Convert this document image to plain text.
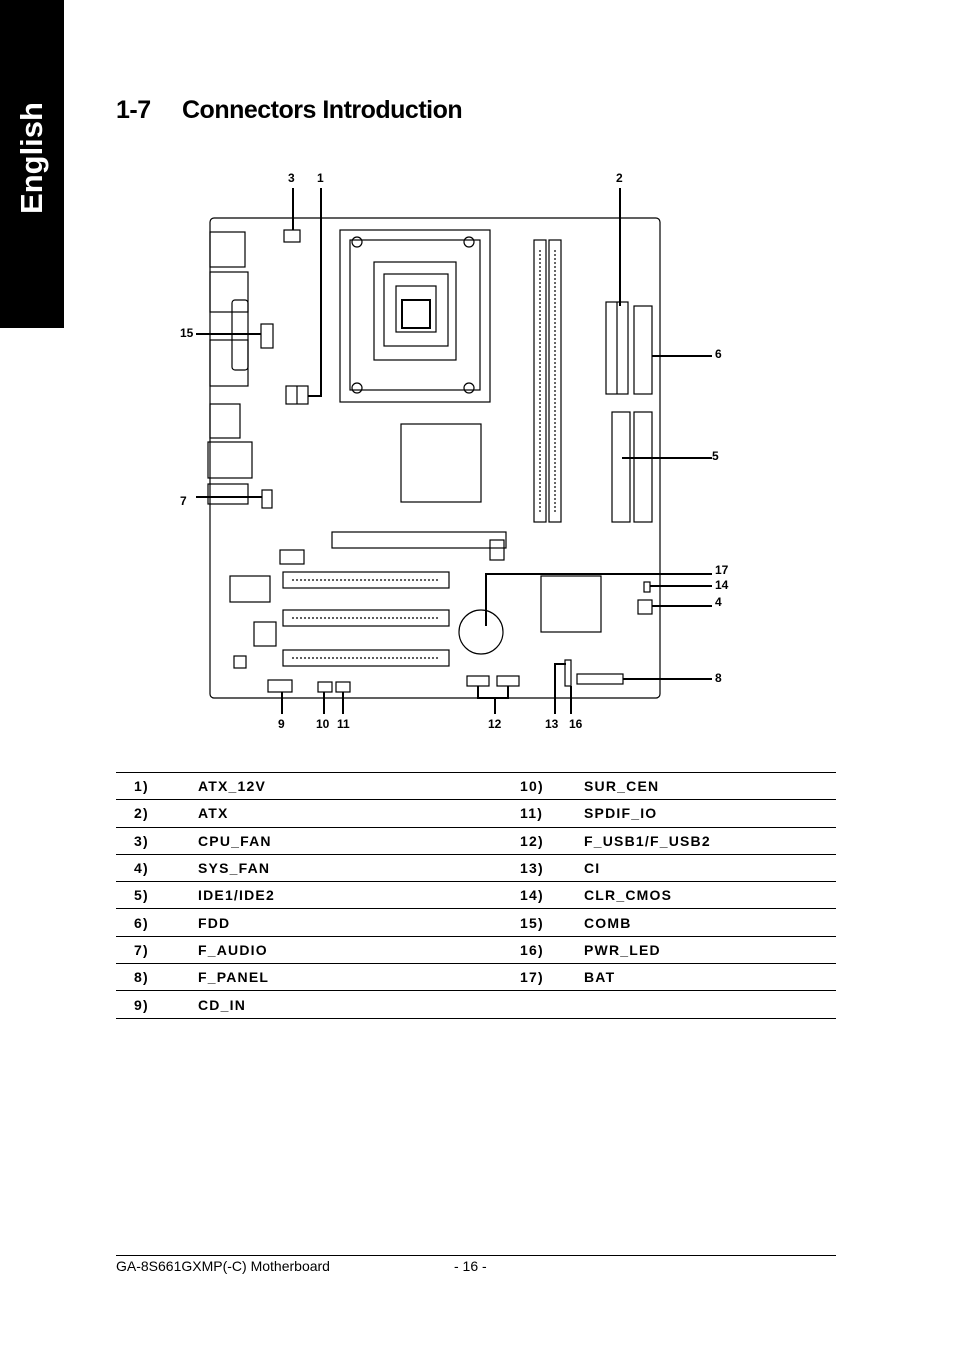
English	1-7 Connectors Introduction
3 1	2
6
5
15
7
17
14
4
8
9	10 11	12	13 16
1)	ATX_12V	10)	SUR_CEN
2)	ATX	11)	SPDIF_IO
3)	CPU_FAN	12)	F_USB1/F_USB2
4)	SYS_FAN	13)	CI
5)	IDE1/IDE2	14)	CLR_CMOS
6)	FDD	15)	COMB
7)	F_AUDIO	16)	PWR_LED
8)	F_PANEL	17)	BAT
9)	CD_IN		
GA-8S661GXMP(-C) Motherboard	- 16 -
